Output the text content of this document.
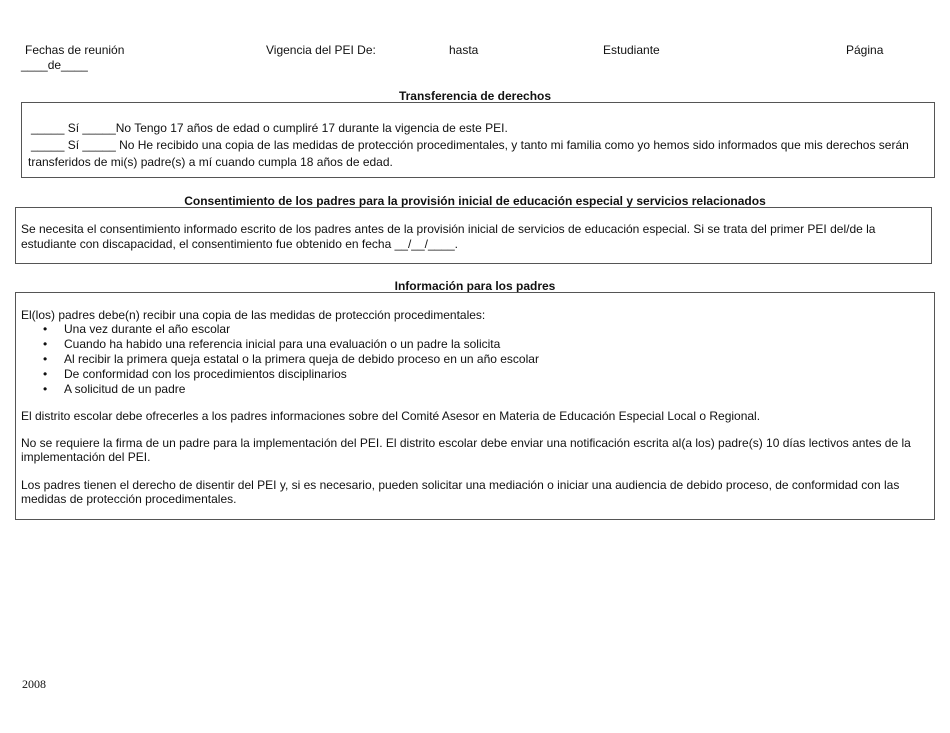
Fechas de reunión	Vigencia del PEI De:	hasta	Estudiante	Página
____de____
Transferencia de derechos
_____ Sí _____No Tengo 17 años de edad o cumpliré 17 durante la vigencia de este PEI.
_____ Sí _____ No He recibido una copia de las medidas de protección procedimentales, y tanto mi familia como yo hemos sido informados que mis derechos serán
transferidos de mi(s) padre(s) a mí cuando cumpla 18 años de edad.
Consentimiento de los padres para la provisión inicial de educación especial y servicios relacionados
Se necesita el consentimiento informado escrito de los padres antes de la provisión inicial de servicios de educación especial. Si se trata del primer PEI del/de la
estudiante con discapacidad, el consentimiento fue obtenido en fecha __/__/____.
Información para los padres
El(los) padres debe(n) recibir una copia de las medidas de protección procedimentales:
• Una vez durante el año escolar
• Cuando ha habido una referencia inicial para una evaluación o un padre la solicita
• Al recibir la primera queja estatal o la primera queja de debido proceso en un año escolar
• De conformidad con los procedimientos disciplinarios
• A solicitud de un padre
El distrito escolar debe ofrecerles a los padres informaciones sobre del Comité Asesor en Materia de Educación Especial Local o Regional.
No se requiere la firma de un padre para la implementación del PEI. El distrito escolar debe enviar una notificación escrita al(a los) padre(s) 10 días lectivos antes de la
implementación del PEI.
Los padres tienen el derecho de disentir del PEI y, si es necesario, pueden solicitar una mediación o iniciar una audiencia de debido proceso, de conformidad con las
medidas de protección procedimentales.
2008
